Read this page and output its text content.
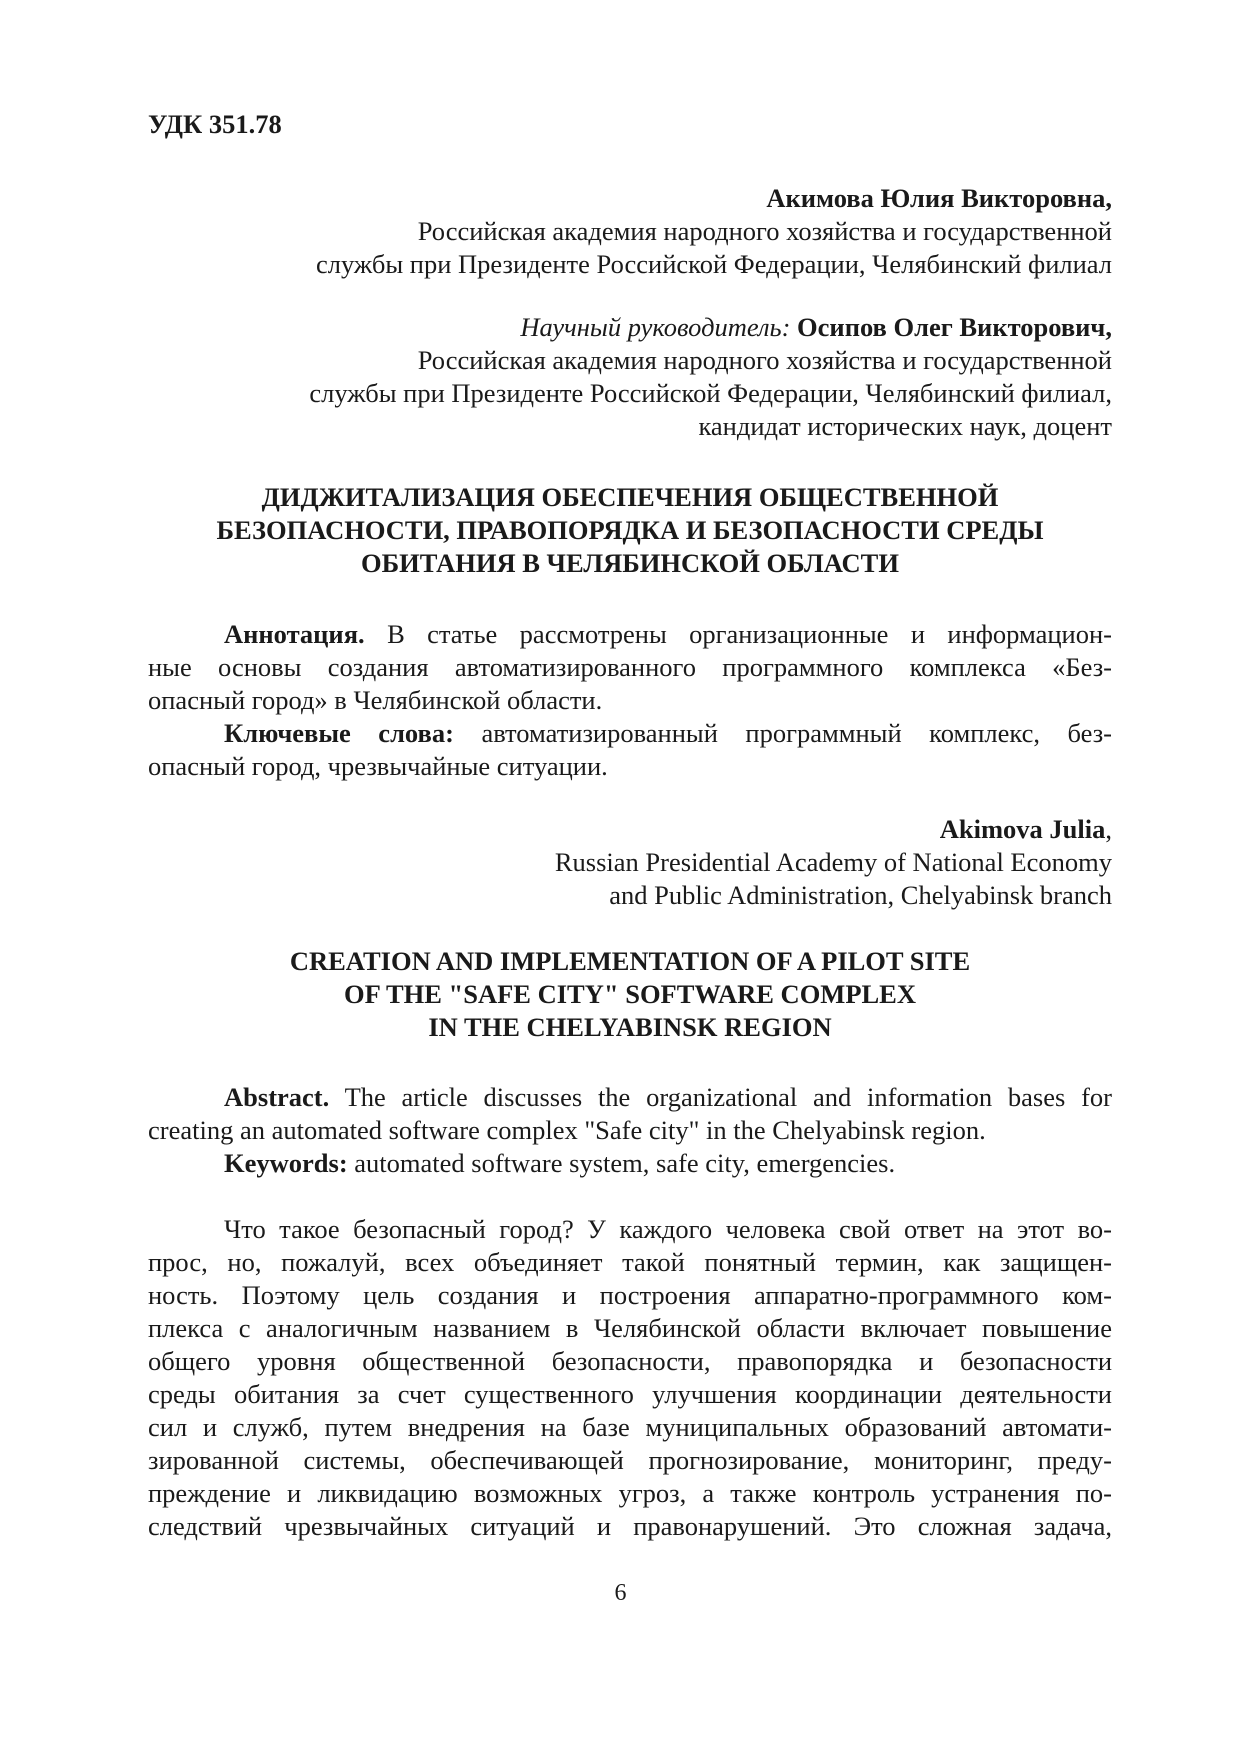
УДК 351.78
Акимова Юлия Викторовна,
Российская академия народного хозяйства и государственной
службы при Президенте Российской Федерации, Челябинский филиал
Научный руководитель: Осипов Олег Викторович,
Российская академия народного хозяйства и государственной
службы при Президенте Российской Федерации, Челябинский филиал,
кандидат исторических наук, доцент
ДИДЖИТАЛИЗАЦИЯ ОБЕСПЕЧЕНИЯ ОБЩЕСТВЕННОЙ
БЕЗОПАСНОСТИ, ПРАВОПОРЯДКА И БЕЗОПАСНОСТИ СРЕДЫ
ОБИТАНИЯ В ЧЕЛЯБИНСКОЙ ОБЛАСТИ
Аннотация. В статье рассмотрены организационные и информацион-
ные основы создания автоматизированного программного комплекса «Без-
опасный город» в Челябинской области.
Ключевые слова: автоматизированный программный комплекс, без-
опасный город, чрезвычайные ситуации.
Akimova Julia,
Russian Presidential Academy of National Economy
and Public Administration, Chelyabinsk branch
CREATION AND IMPLEMENTATION OF A PILOT SITE
OF THE "SAFE CITY" SOFTWARE COMPLEX
IN THE CHELYABINSK REGION
Abstract. The article discusses the organizational and information bases for
creating an automated software complex "Safe city" in the Chelyabinsk region.
Keywords: automated software system, safe city, emergencies.
Что такое безопасный город? У каждого человека свой ответ на этот во-
прос, но, пожалуй, всех объединяет такой понятный термин, как защищен-
ность. Поэтому цель создания и построения аппаратно-программного ком-
плекса с аналогичным названием в Челябинской области включает повышение
общего уровня общественной безопасности, правопорядка и безопасности
среды обитания за счет существенного улучшения координации деятельности
сил и служб, путем внедрения на базе муниципальных образований автомати-
зированной системы, обеспечивающей прогнозирование, мониторинг, преду-
преждение и ликвидацию возможных угроз, а также контроль устранения по-
следствий чрезвычайных ситуаций и правонарушений. Это сложная задача,
6
